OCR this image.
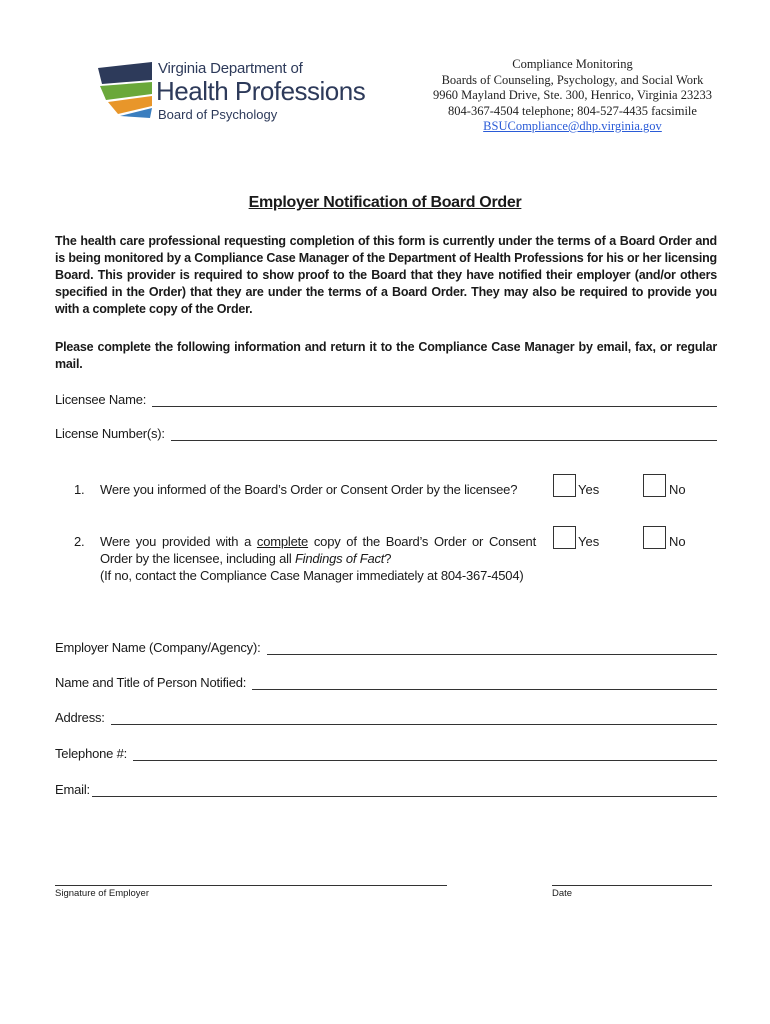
Virginia Department of
Health Professions
Board of Psychology
Compliance Monitoring
Boards of Counseling, Psychology, and Social Work
9960 Mayland Drive, Ste. 300, Henrico, Virginia 23233
804-367-4504 telephone; 804-527-4435 facsimile
BSUCompliance@dhp.virginia.gov
Employer Notification of Board Order
The health care professional requesting completion of this form is currently under the terms of a Board Order and is being monitored by a Compliance Case Manager of the Department of Health Professions for his or her licensing Board. This provider is required to show proof to the Board that they have notified their employer (and/or others specified in the Order) that they are under the terms of a Board Order. They may also be required to provide you with a complete copy of the Order.
Please complete the following information and return it to the Compliance Case Manager by email, fax, or regular mail.
Licensee Name:
License Number(s):
1. Were you informed of the Board’s Order or Consent Order by the licensee?	Yes	No
2. Were you provided with a complete copy of the Board’s Order or Consent
Order by the licensee, including all Findings of Fact?
(If no, contact the Compliance Case Manager immediately at 804-367-4504)
Yes	No
Employer Name (Company/Agency):
Name and Title of Person Notified:
Address:
Telephone #:
Email:
Signature of Employer	Date
